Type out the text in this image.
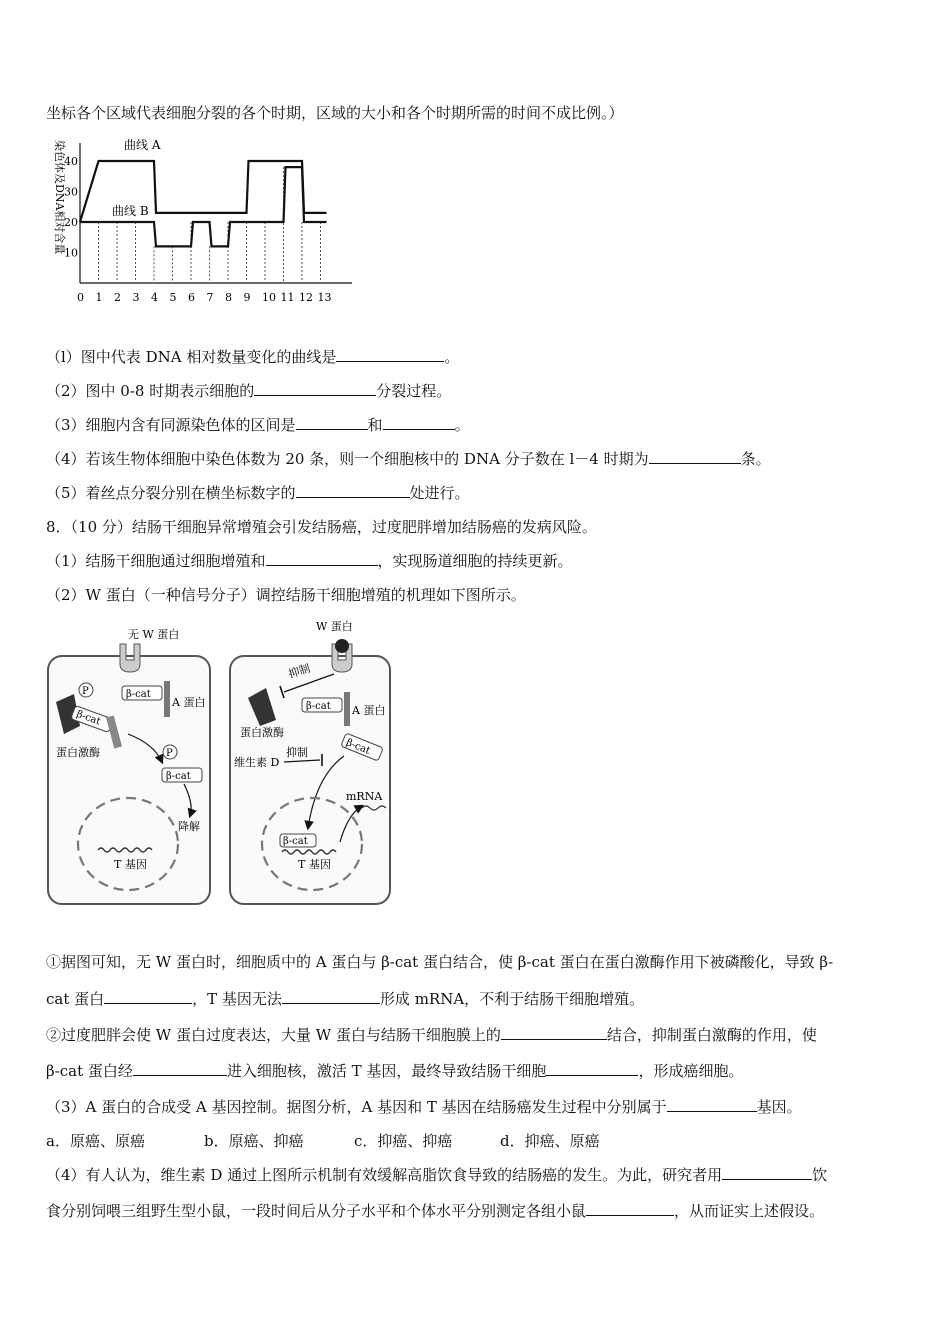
坐标各个区域代表细胞分裂的各个时期，区域的大小和各个时期所需的时间不成比例。）
染色体及DNA相对含量
10
20
30
40
0 1 2 3 4 5 6 7 8 9 10 11 12 13
曲线 A
曲线 B
（l）图中代表 DNA 相对数量变化的曲线是	。
（2）图中 0-8 时期表示细胞的	分裂过程。
（3）细胞内含有同源染色体的区间是	和	。
（4）若该生物体细胞中染色体数为 20 条，则一个细胞核中的 DNA 分子数在 l－4 时期为	条。
（5）着丝点分裂分别在横坐标数字的	处进行。
8．（10 分）结肠干细胞异常增殖会引发结肠癌，过度肥胖增加结肠癌的发病风险。
（1）结肠干细胞通过细胞增殖和	，实现肠道细胞的持续更新。
（2）W 蛋白（一种信号分子）调控结肠干细胞增殖的机理如下图所示。
无 W 蛋白
A 蛋白
β-cat
P
β-cat
蛋白激酶	P
β-cat
降解
T 基因
W 蛋白
A 蛋白
β-cat
抑制
蛋白激酶
维生素 D
抑制	β-cat
β-cat
T 基因
mRNA
①据图可知，无 W 蛋白时，细胞质中的 A 蛋白与 β-cat 蛋白结合，使 β-cat 蛋白在蛋白激酶作用下被磷酸化，导致 β-
cat 蛋白	，T 基因无法	形成 mRNA，不利于结肠干细胞增殖。
②过度肥胖会使 W 蛋白过度表达，大量 W 蛋白与结肠干细胞膜上的	结合，抑制蛋白激酶的作用，使
β-cat 蛋白经	进入细胞核，激活 T 基因，最终导致结肠干细胞	，形成癌细胞。
（3）A 蛋白的合成受 A 基因控制。据图分析，A 基因和 T 基因在结肠癌发生过程中分别属于	基因。
a．原癌、原癌	b．原癌、抑癌	c．抑癌、抑癌	d．抑癌、原癌
（4）有人认为，维生素 D 通过上图所示机制有效缓解高脂饮食导致的结肠癌的发生。为此，研究者用	饮
食分别饲喂三组野生型小鼠，一段时间后从分子水平和个体水平分别测定各组小鼠	，从而证实上述假设。
